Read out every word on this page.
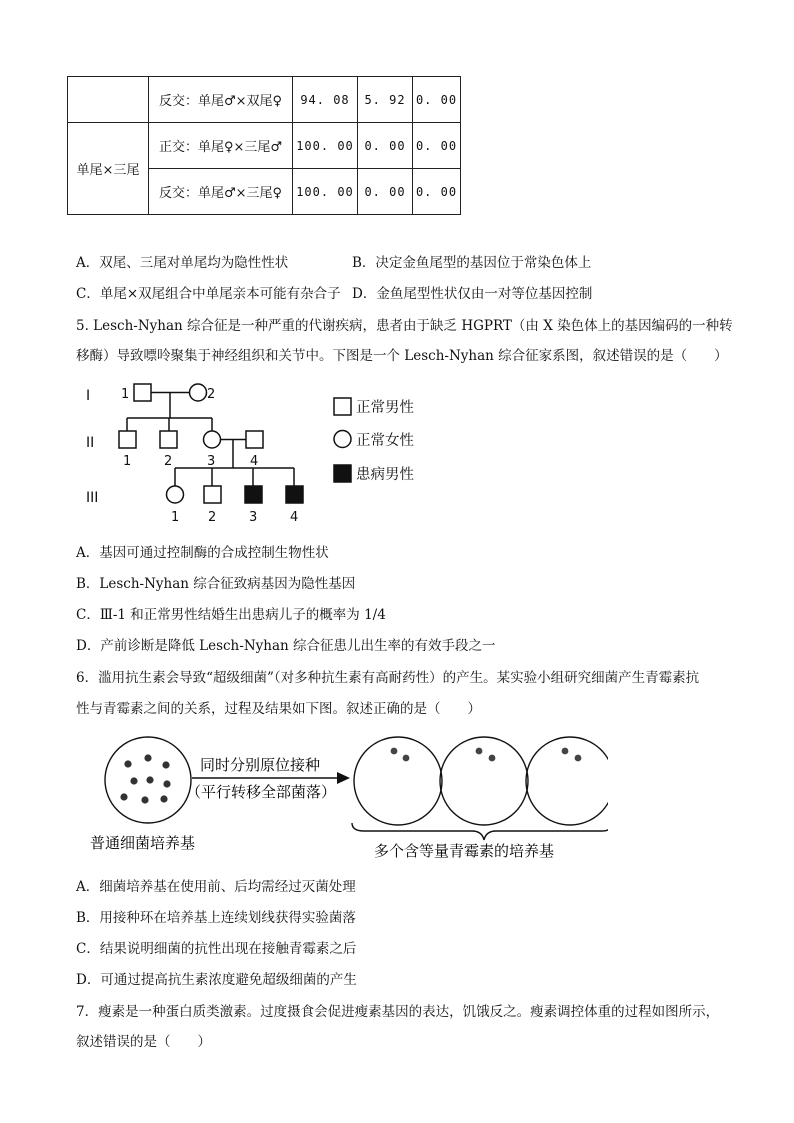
	反交：单尾♂×双尾♀	94. 08	5. 92	0. 00
单尾×三尾	正交：单尾♀×三尾♂	100. 00	0. 00	0. 00
	反交：单尾♂×三尾♀	100. 00	0. 00	0. 00
A．双尾、三尾对单尾均为隐性性状	B．决定金鱼尾型的基因位于常染色体上
C．单尾×双尾组合中单尾亲本可能有杂合子 D．金鱼尾型性状仅由一对等位基因控制
5. Lesch-Nyhan 综合征是一种严重的代谢疾病，患者由于缺乏 HGPRT（由 X 染色体上的基因编码的一种转
移酶）导致嘌呤聚集于神经组织和关节中。下图是一个 Lesch-Nyhan 综合征家系图，叙述错误的是（　　）
I
II
III
1	2
1	2	3	4
1 2	3	4
正常男性
正常女性
患病男性
A．基因可通过控制酶的合成控制生物性状
B．Lesch-Nyhan 综合征致病基因为隐性基因
C．Ⅲ-1 和正常男性结婚生出患病儿子的概率为 1/4
D．产前诊断是降低 Lesch-Nyhan 综合征患儿出生率的有效手段之一
6．滥用抗生素会导致“超级细菌”（对多种抗生素有高耐药性）的产生。某实验小组研究细菌产生青霉素抗
性与青霉素之间的关系，过程及结果如下图。叙述正确的是（　　）
同时分别原位接种
（平行转移全部菌落）
普通细菌培养基	多个含等量青霉素的培养基
A．细菌培养基在使用前、后均需经过灭菌处理
B．用接种环在培养基上连续划线获得实验菌落
C．结果说明细菌的抗性出现在接触青霉素之后
D．可通过提高抗生素浓度避免超级细菌的产生
7．瘦素是一种蛋白质类激素。过度摄食会促进瘦素基因的表达，饥饿反之。瘦素调控体重的过程如图所示，
叙述错误的是（　　）
